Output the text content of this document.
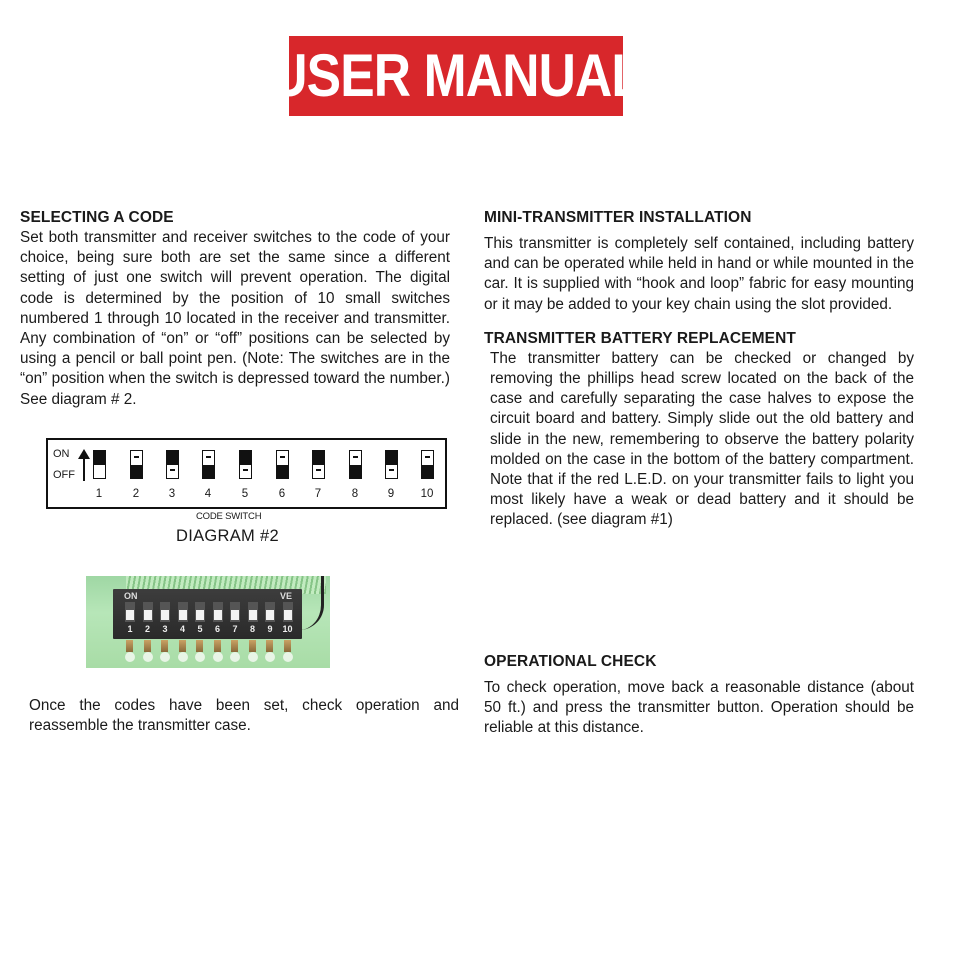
USER MANUAL
SELECTING A CODE

Set both transmitter and receiver switches to the code of your choice, being sure both are set the same since a different setting of just one switch will prevent operation. The digital code is determined by the position of 10 small switches numbered 1 through 10 located in the receiver and transmitter. Any combination of “on” or “off” positions can be selected by using a pencil or ball point pen. (Note: The switches are in the “on” position when the switch is depressed toward the number.) See diagram # 2.

ON
OFF
1	2	3	4	5	6	7	8	9	10
CODE SWITCH
DIAGRAM #2
ON	VE
1	2	3	4	5	6	7	8	9	10

Once the codes have been set, check operation and reassemble the transmitter case.

MINI-TRANSMITTER INSTALLATION

This transmitter is completely self contained, including battery and can be operated while held in hand or while mounted in the car. It is supplied with “hook and loop” fabric for easy mounting or it may be added to your key chain using the slot provided.

TRANSMITTER BATTERY REPLACEMENT

The transmitter battery can be checked or changed by removing the phillips head screw located on the back of the case and carefully separating the case halves to expose the circuit board and battery. Simply slide out the old battery and slide in the new, remembering to observe the battery polarity molded on the case in the bottom of the battery compartment. Note that if the red L.E.D. on your transmitter fails to light you most likely have a weak or dead battery and it should be replaced. (see diagram #1)

OPERATIONAL CHECK

To check operation, move back a reasonable distance (about 50 ft.) and press the transmitter button. Operation should be reliable at this distance.
